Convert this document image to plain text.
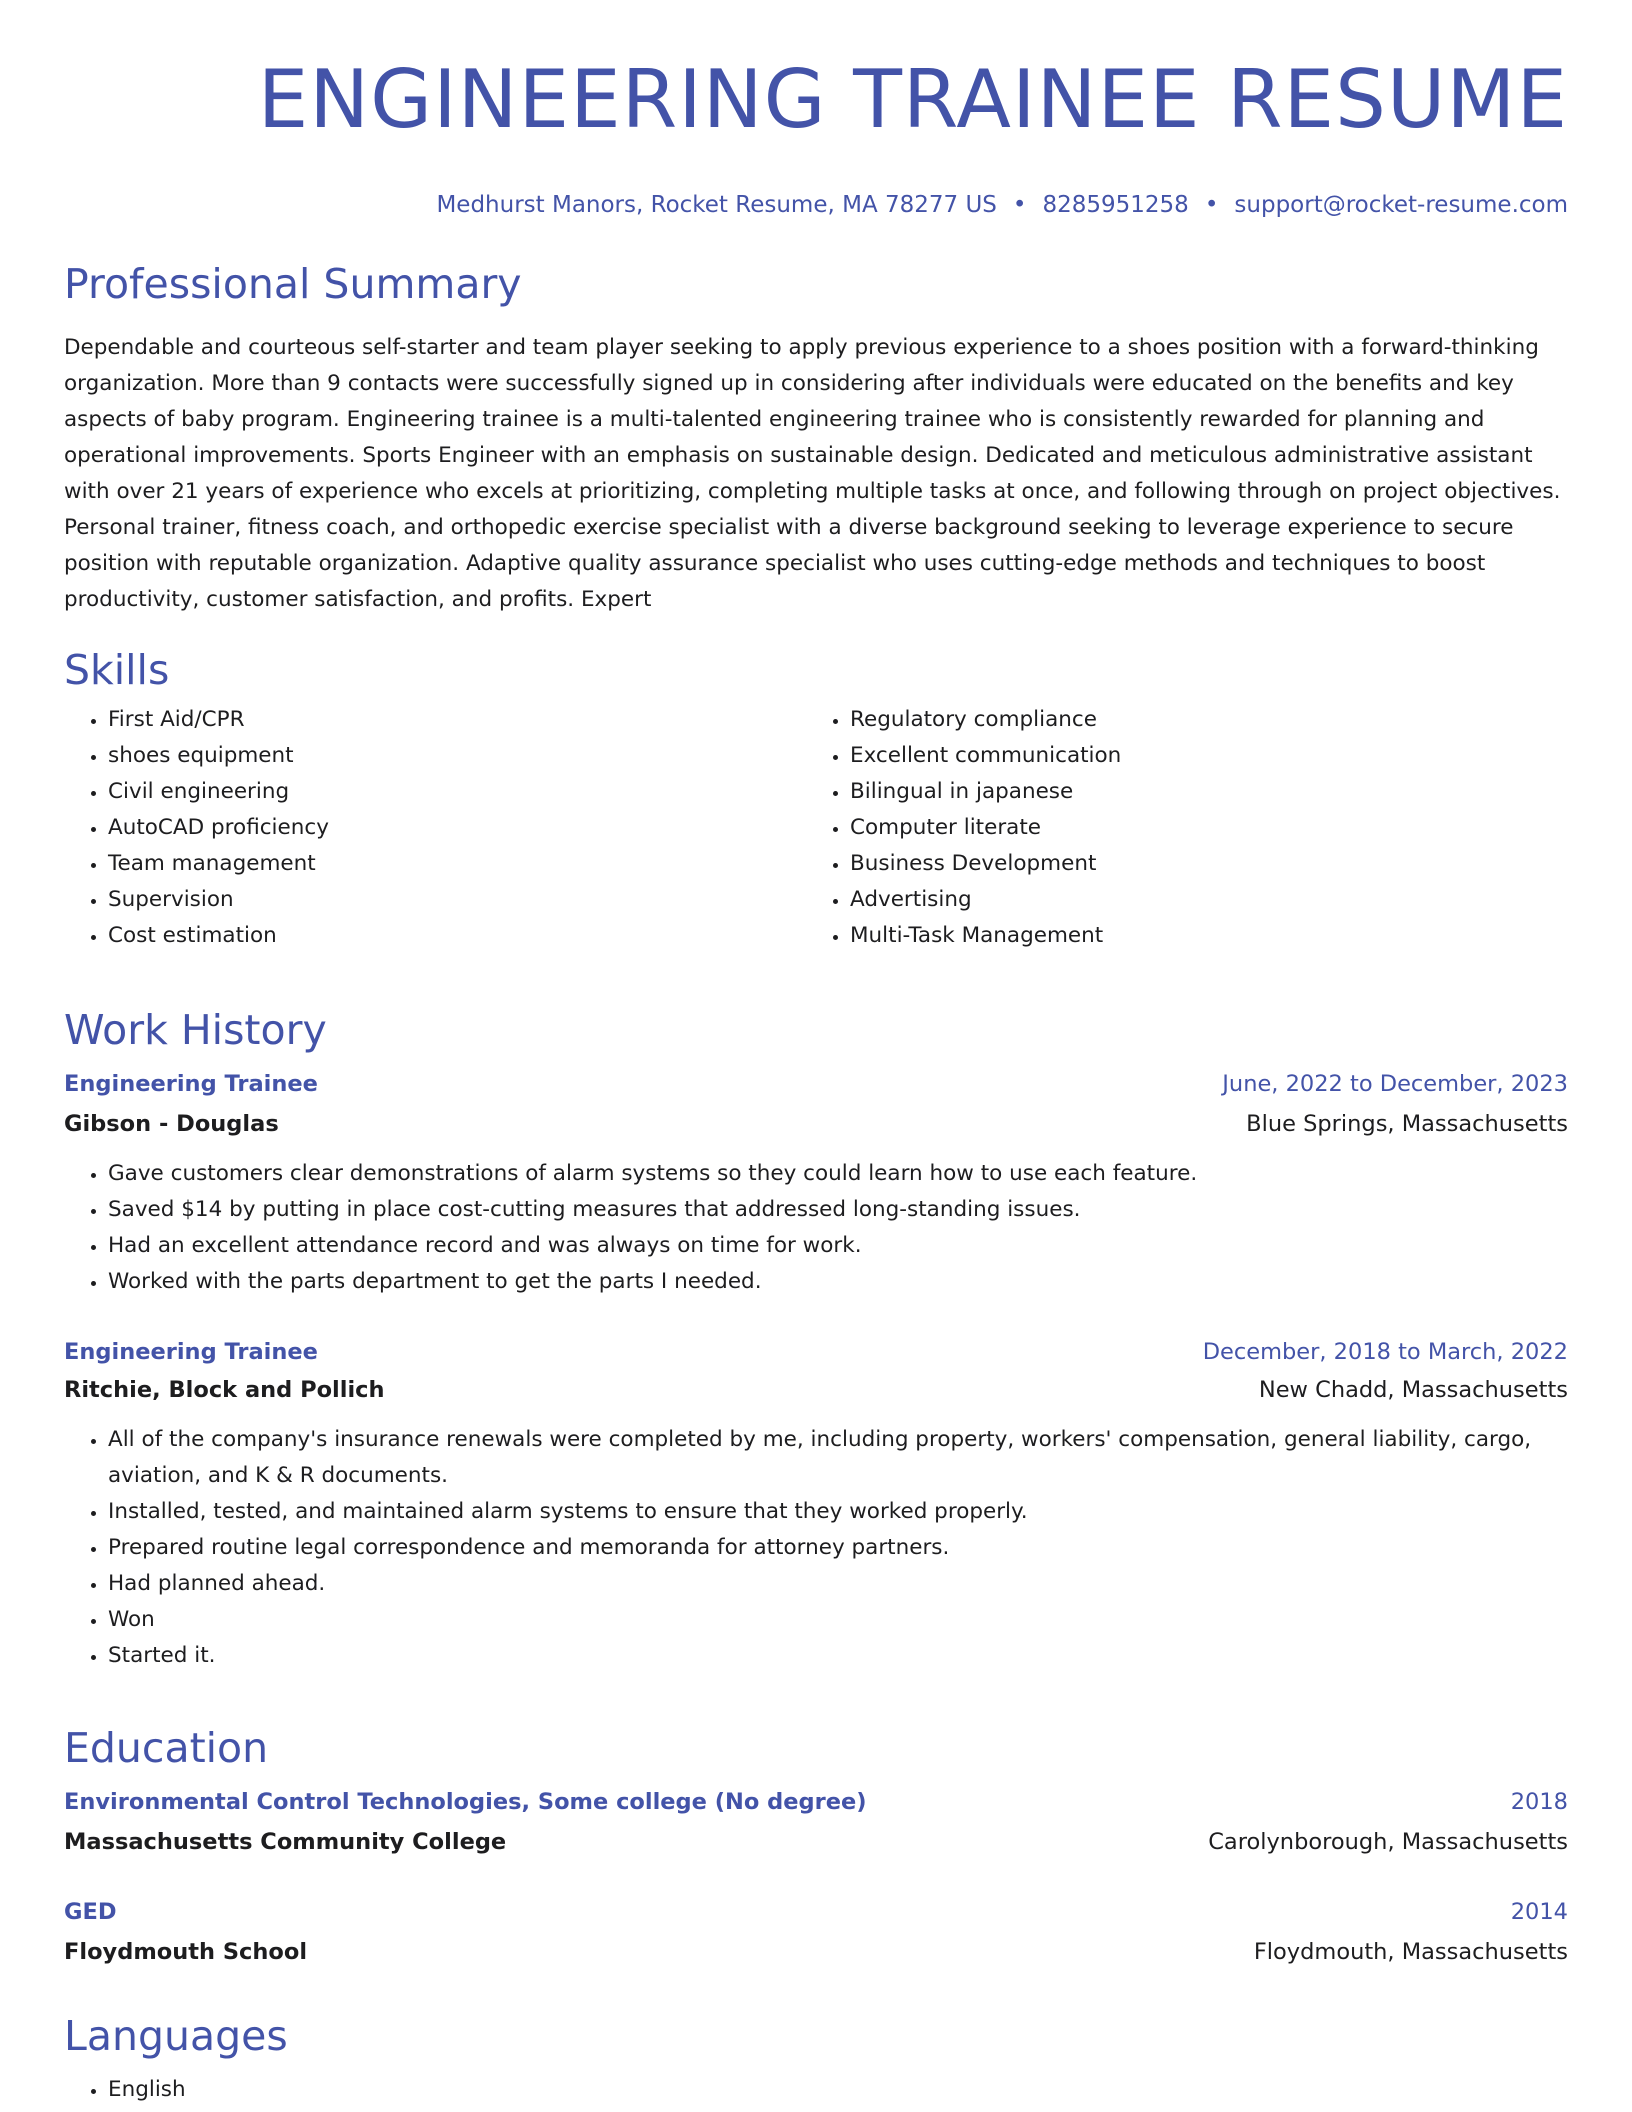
ENGINEERING TRAINEE RESUME
Medhurst Manors, Rocket Resume, MA 78277 US • 8285951258 • support@rocket-resume.com
Professional Summary

Dependable and courteous self-starter and team player seeking to apply previous experience to a shoes position with a forward-thinking organization. More than 9 contacts were successfully signed up in considering after individuals were educated on the benefits and key aspects of baby program. Engineering trainee is a multi-talented engineering trainee who is consistently rewarded for planning and operational improvements. Sports Engineer with an emphasis on sustainable design. Dedicated and meticulous administrative assistant with over 21 years of experience who excels at prioritizing, completing multiple tasks at once, and following through on project objectives. Personal trainer, fitness coach, and orthopedic exercise specialist with a diverse background seeking to leverage experience to secure position with reputable organization. Adaptive quality assurance specialist who uses cutting-edge methods and techniques to boost productivity, customer satisfaction, and profits. Expert

Skills
• First Aid/CPR
• shoes equipment
• Civil engineering
• AutoCAD proficiency
• Team management
• Supervision
• Cost estimation
• Regulatory compliance
• Excellent communication
• Bilingual in japanese
• Computer literate
• Business Development
• Advertising
• Multi-Task Management
Work History
Engineering Trainee	June, 2022 to December, 2023
Gibson - Douglas	Blue Springs, Massachusetts
• Gave customers clear demonstrations of alarm systems so they could learn how to use each feature.
• Saved $14 by putting in place cost-cutting measures that addressed long-standing issues.
• Had an excellent attendance record and was always on time for work.
• Worked with the parts department to get the parts I needed.
Engineering Trainee	December, 2018 to March, 2022
Ritchie, Block and Pollich	New Chadd, Massachusetts
• All of the company's insurance renewals were completed by me, including property, workers' compensation, general liability, cargo, aviation, and K & R documents.
• Installed, tested, and maintained alarm systems to ensure that they worked properly.
• Prepared routine legal correspondence and memoranda for attorney partners.
• Had planned ahead.
• Won
• Started it.
Education
Environmental Control Technologies, Some college (No degree)	2018
Massachusetts Community College	Carolynborough, Massachusetts
GED	2014
Floydmouth School	Floydmouth, Massachusetts
Languages
• English
